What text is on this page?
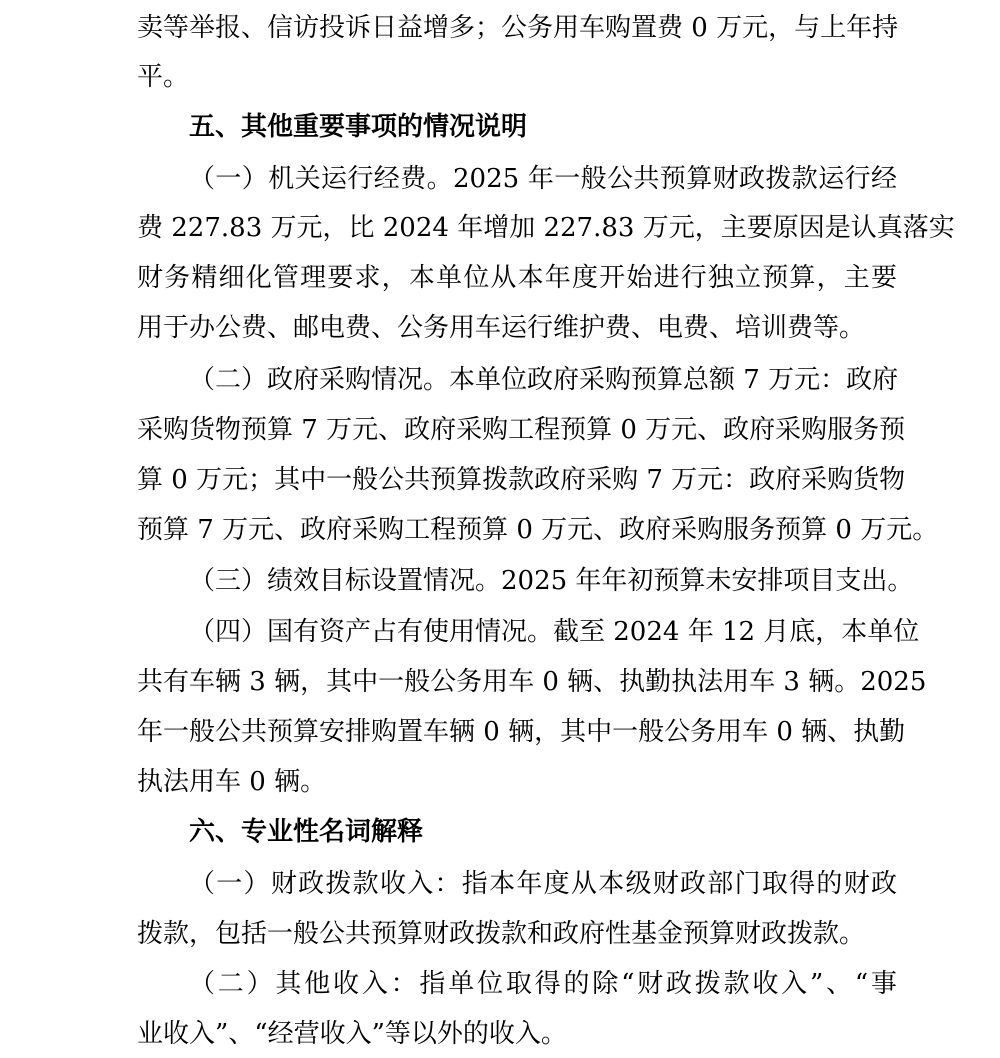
卖等举报、信访投诉日益增多；公务用车购置费 0 万元，与上年持
平。
五、其他重要事项的情况说明
（一）机关运行经费。2025 年一般公共预算财政拨款运行经
费 227.83 万元，比 2024 年增加 227.83 万元，主要原因是认真落实
财务精细化管理要求，本单位从本年度开始进行独立预算，主要
用于办公费、邮电费、公务用车运行维护费、电费、培训费等。
（二）政府采购情况。本单位政府采购预算总额 7 万元：政府
采购货物预算 7 万元、政府采购工程预算 0 万元、政府采购服务预
算 0 万元；其中一般公共预算拨款政府采购 7 万元：政府采购货物
预算 7 万元、政府采购工程预算 0 万元、政府采购服务预算 0 万元。
（三）绩效目标设置情况。2025 年年初预算未安排项目支出。
（四）国有资产占有使用情况。截至 2024 年 12 月底，本单位
共有车辆 3 辆，其中一般公务用车 0 辆、执勤执法用车 3 辆。2025
年一般公共预算安排购置车辆 0 辆，其中一般公务用车 0 辆、执勤
执法用车 0 辆。
六、专业性名词解释
（一）财政拨款收入：指本年度从本级财政部门取得的财政
拨款，包括一般公共预算财政拨款和政府性基金预算财政拨款。
（二）其他收入：指单位取得的除“财政拨款收入”、“事
业收入”、“经营收入”等以外的收入。
